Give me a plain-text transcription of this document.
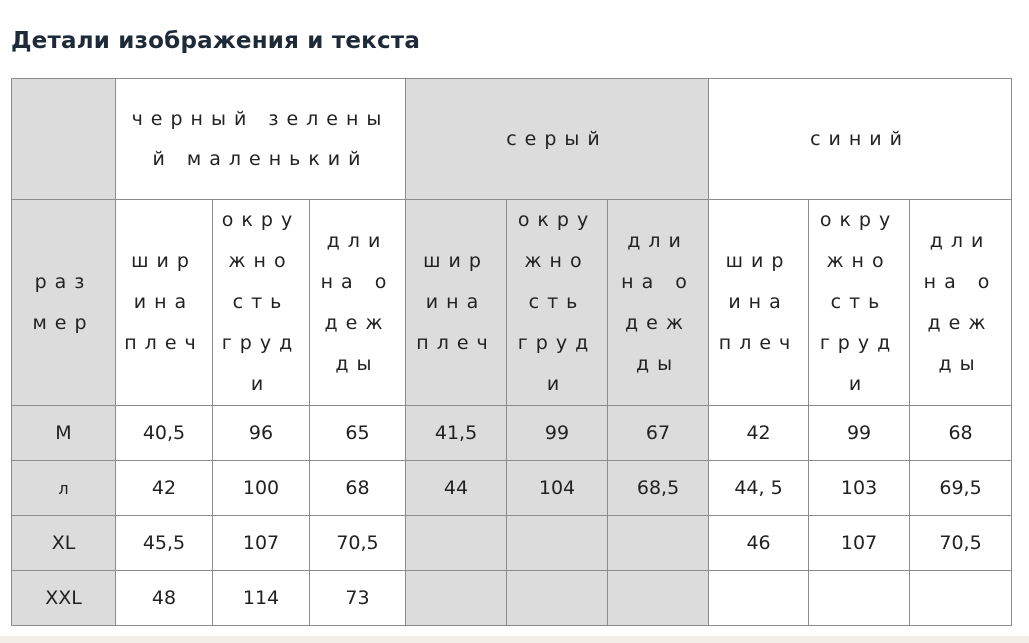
Детали изображения и текста

	черный зеленый маленький			серый			синий		

размер	ширина плеч	окружность груди	длина одежды	ширина плеч	окружность груди	длина одежды	ширина плеч	окружность груди	длина одежды

M	40,5	96	65	41,5	99	67	42	99	68
л	42	100	68	44	104	68,5	44, 5	103	69,5
XL	45,5	107	70,5				46	107	70,5
XXL	48	114	73						
